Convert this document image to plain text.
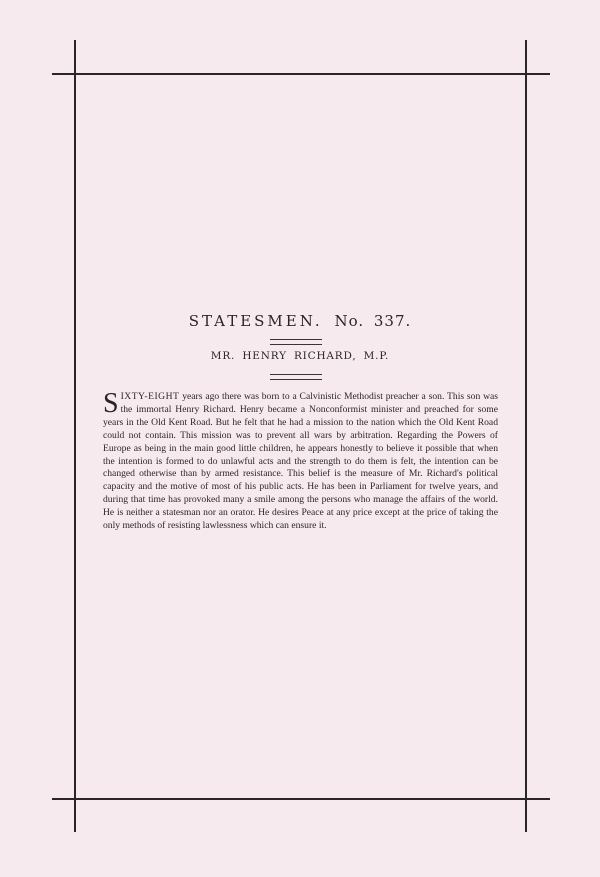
STATESMEN. No. 337.
MR. HENRY RICHARD, M.P.
SIXTY-EIGHT years ago there was born to a Calvinistic Methodist preacher a son. This son was the immortal Henry Richard. Henry became a Nonconformist minister and preached for some years in the Old Kent Road. But he felt that he had a mission to the nation which the Old Kent Road could not contain. This mission was to prevent all wars by arbitration. Regarding the Powers of Europe as being in the main good little children, he appears honestly to believe it possible that when the intention is formed to do unlawful acts and the strength to do them is felt, the intention can be changed otherwise than by armed resistance. This belief is the measure of Mr. Richard's political capacity and the motive of most of his public acts. He has been in Parliament for twelve years, and during that time has provoked many a smile among the persons who manage the affairs of the world. He is neither a statesman nor an orator. He desires Peace at any price except at the price of taking the only methods of resisting lawlessness which can ensure it.
